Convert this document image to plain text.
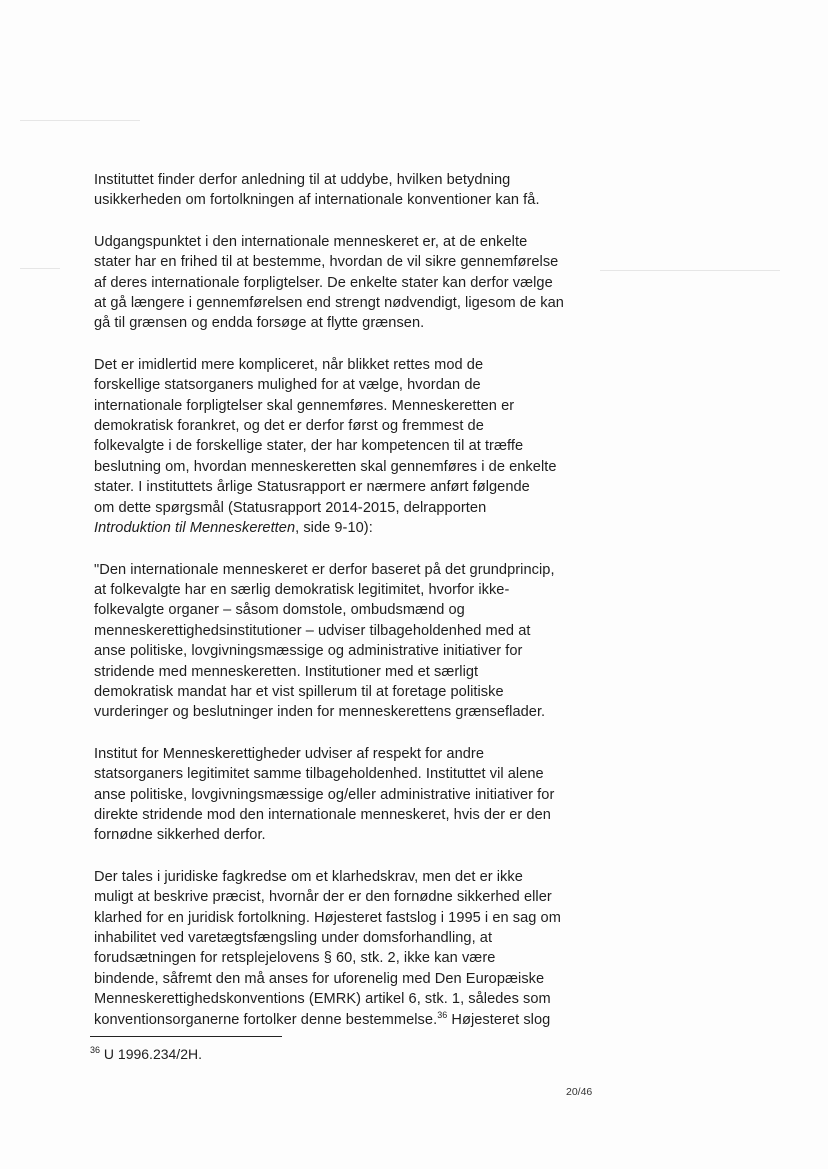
Instituttet finder derfor anledning til at uddybe, hvilken betydning
usikkerheden om fortolkningen af internationale konventioner kan få.

Udgangspunktet i den internationale menneskeret er, at de enkelte
stater har en frihed til at bestemme, hvordan de vil sikre gennemførelse
af deres internationale forpligtelser. De enkelte stater kan derfor vælge
at gå længere i gennemførelsen end strengt nødvendigt, ligesom de kan
gå til grænsen og endda forsøge at flytte grænsen.

Det er imidlertid mere kompliceret, når blikket rettes mod de
forskellige statsorganers mulighed for at vælge, hvordan de
internationale forpligtelser skal gennemføres. Menneskeretten er
demokratisk forankret, og det er derfor først og fremmest de
folkevalgte i de forskellige stater, der har kompetencen til at træffe
beslutning om, hvordan menneskeretten skal gennemføres i de enkelte
stater. I instituttets årlige Statusrapport er nærmere anført følgende
om dette spørgsmål (Statusrapport 2014-2015, delrapporten
Introduktion til Menneskeretten, side 9-10):

"Den internationale menneskeret er derfor baseret på det grundprincip,
at folkevalgte har en særlig demokratisk legitimitet, hvorfor ikke-
folkevalgte organer – såsom domstole, ombudsmænd og
menneskerettighedsinstitutioner – udviser tilbageholdenhed med at
anse politiske, lovgivningsmæssige og administrative initiativer for
stridende med menneskeretten. Institutioner med et særligt
demokratisk mandat har et vist spillerum til at foretage politiske
vurderinger og beslutninger inden for menneskerettens grænseflader.

Institut for Menneskerettigheder udviser af respekt for andre
statsorganers legitimitet samme tilbageholdenhed. Instituttet vil alene
anse politiske, lovgivningsmæssige og/eller administrative initiativer for
direkte stridende mod den internationale menneskeret, hvis der er den
fornødne sikkerhed derfor.

Der tales i juridiske fagkredse om et klarhedskrav, men det er ikke
muligt at beskrive præcist, hvornår der er den fornødne sikkerhed eller
klarhed for en juridisk fortolkning. Højesteret fastslog i 1995 i en sag om
inhabilitet ved varetægtsfængsling under domsforhandling, at
forudsætningen for retsplejelovens § 60, stk. 2, ikke kan være
bindende, såfremt den må anses for uforenelig med Den Europæiske
Menneskerettighedskonventions (EMRK) artikel 6, stk. 1, således som
konventionsorganerne fortolker denne bestemmelse.$^{36}$ Højesteret slog

$^{36}$ U 1996.234/2H.
20/46
